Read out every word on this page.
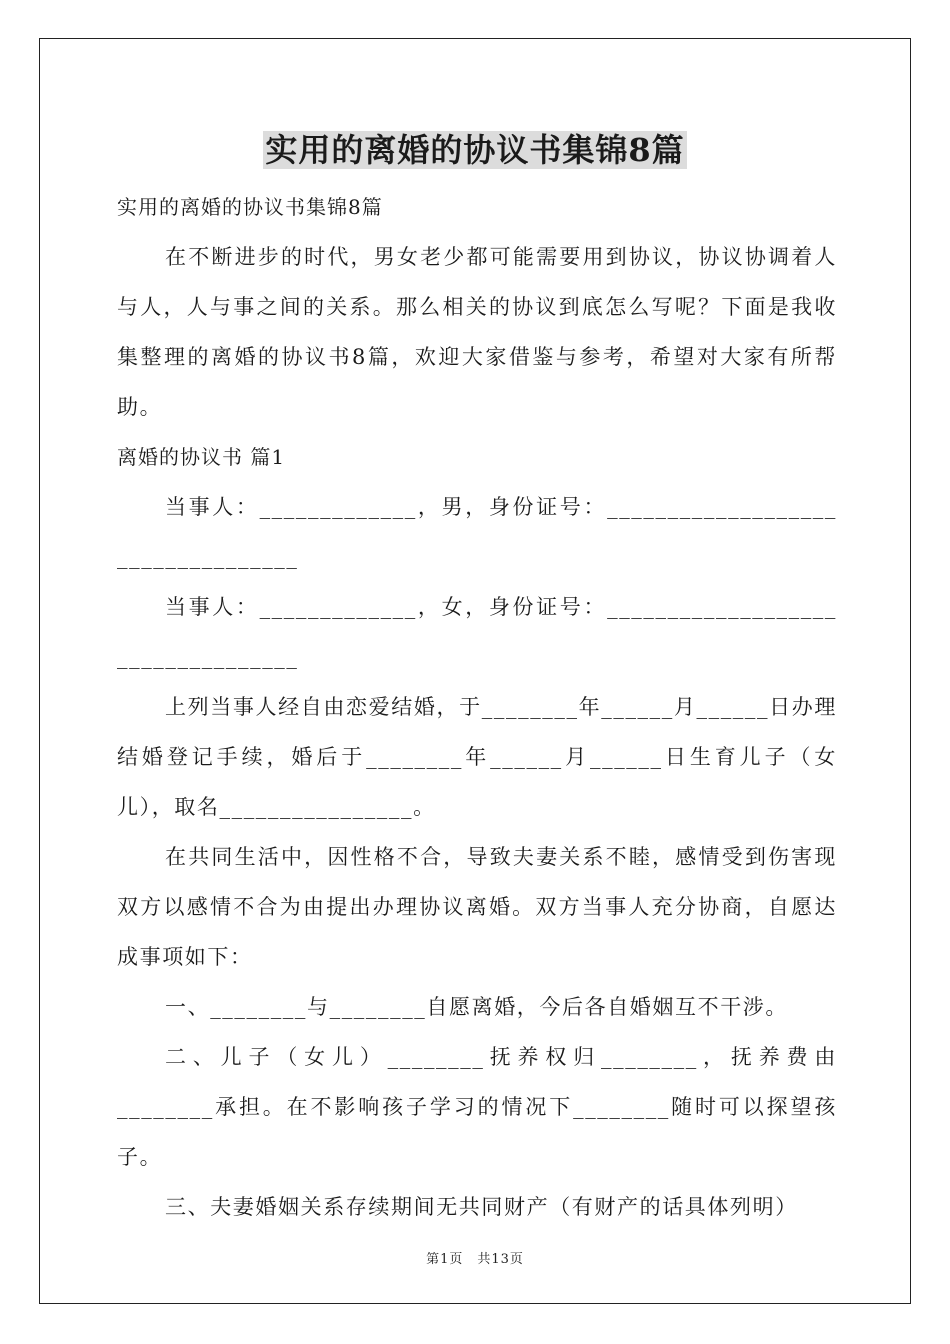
实用的离婚的协议书集锦8篇

实用的离婚的协议书集锦8篇

在不断进步的时代，男女老少都可能需要用到协议，协议协调着人与人，人与事之间的关系。那么相关的协议到底怎么写呢？下面是我收集整理的离婚的协议书8篇，欢迎大家借鉴与参考，希望对大家有所帮助。

离婚的协议书 篇1

当事人：_____________，男，身份证号：___________________ _______________

当事人：_____________，女，身份证号：___________________ _______________

上列当事人经自由恋爱结婚，于________年______月______日办理结婚登记手续，婚后于________年______月______日生育儿子（女儿），取名________________。

在共同生活中，因性格不合，导致夫妻关系不睦，感情受到伤害现双方以感情不合为由提出办理协议离婚。双方当事人充分协商，自愿达成事项如下：

一、________与________自愿离婚，今后各自婚姻互不干涉。

二、儿子（女儿）________抚养权归________，抚养费由________承担。在不影响孩子学习的情况下________随时可以探望孩子。

三、夫妻婚姻关系存续期间无共同财产（有财产的话具体列明）

第1页 共13页
